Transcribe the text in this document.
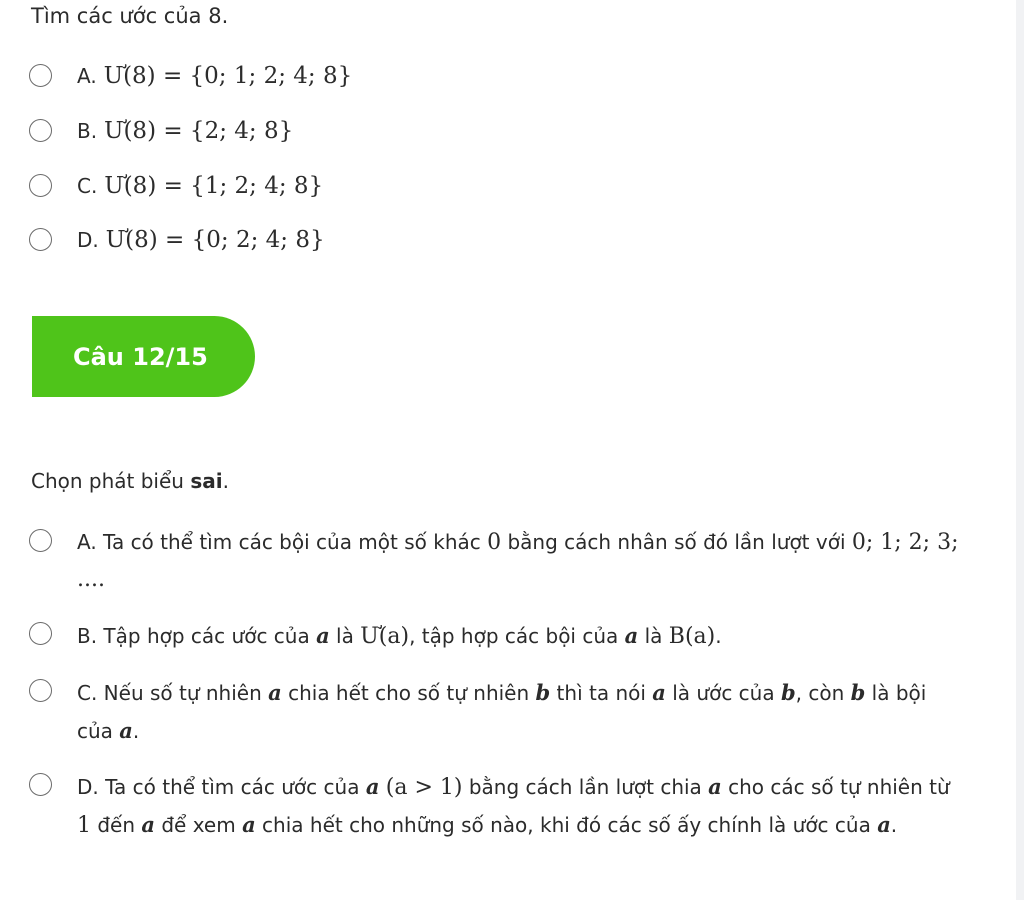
Tìm các ước của 8.
A. Ư(8) = {0; 1; 2; 4; 8}
B. Ư(8) = {2; 4; 8}
C. Ư(8) = {1; 2; 4; 8}
D. Ư(8) = {0; 2; 4; 8}
Câu 12/15
Chọn phát biểu sai.
A. Ta có thể tìm các bội của một số khác 0 bằng cách nhân số đó lần lượt với 0; 1; 2; 3; ....
B. Tập hợp các ước của a là Ư(a), tập hợp các bội của a là B(a).
C. Nếu số tự nhiên a chia hết cho số tự nhiên b thì ta nói a là ước của b, còn b là bội của a.
D. Ta có thể tìm các ước của a (a > 1) bằng cách lần lượt chia a cho các số tự nhiên từ 1 đến a để xem a chia hết cho những số nào, khi đó các số ấy chính là ước của a.
